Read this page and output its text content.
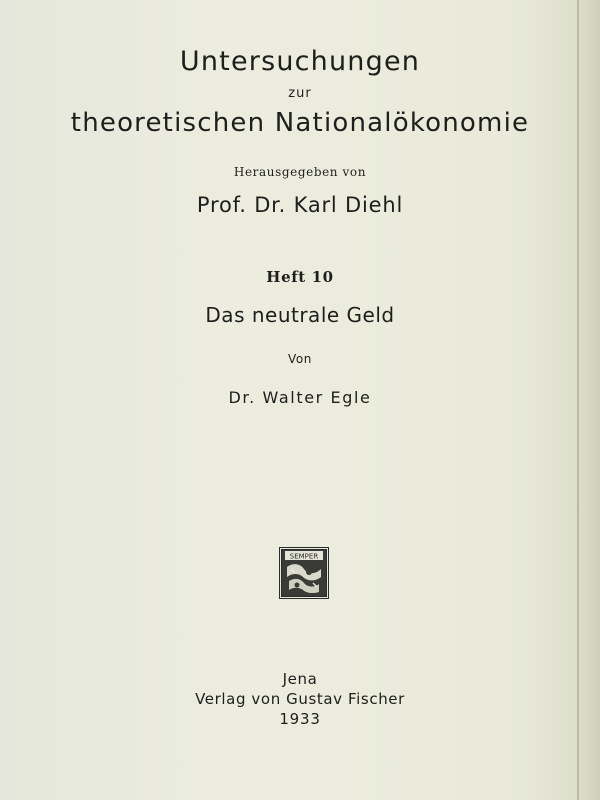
Untersuchungen
zur
theoretischen Nationalökonomie
Herausgegeben von
Prof. Dr. Karl Diehl
Heft 10
Das neutrale Geld
Von
Dr. Walter Egle
SEMPER
Jena
Verlag von Gustav Fischer
1933
